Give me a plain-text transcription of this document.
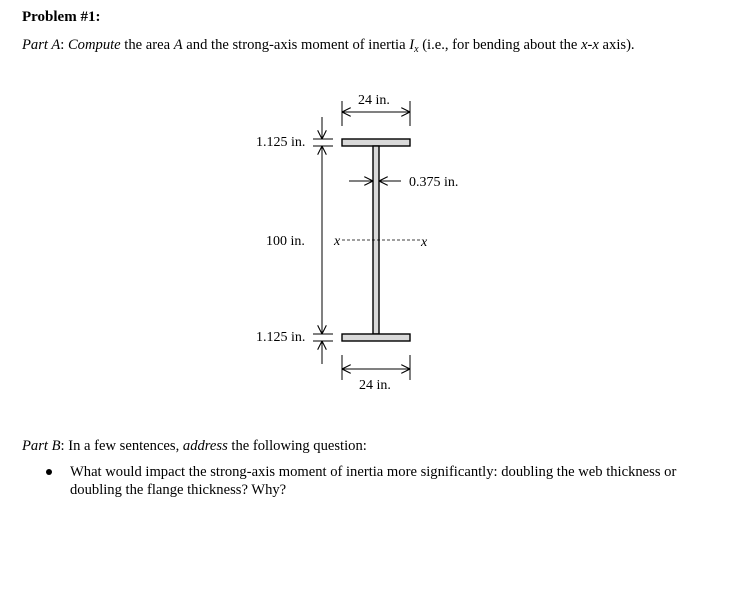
Problem #1:
Part A: Compute the area A and the strong-axis moment of inertia $I_x$ (i.e., for bending about the x-x axis).
x	x
24 in.
24 in.
0.375 in.
1.125 in.
100 in.
1.125 in.
Part B: In a few sentences, address the following question:
What would impact the strong-axis moment of inertia more significantly: doubling the web thickness or doubling the flange thickness? Why?
